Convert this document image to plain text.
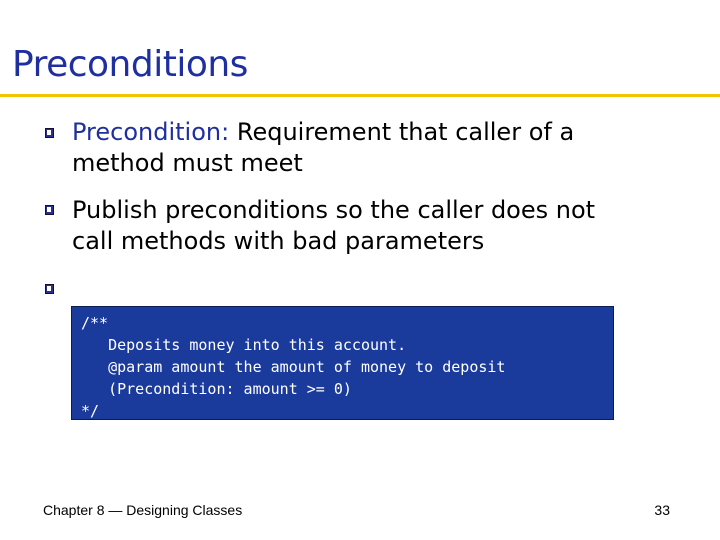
Preconditions

Precondition: Requirement that caller of a

method must meet

Publish preconditions so the caller does not

call methods with bad parameters

/**
Deposits money into this account.
@param amount the amount of money to deposit
(Precondition: amount >= 0)
*/
Chapter 8 — Designing Classes	33
